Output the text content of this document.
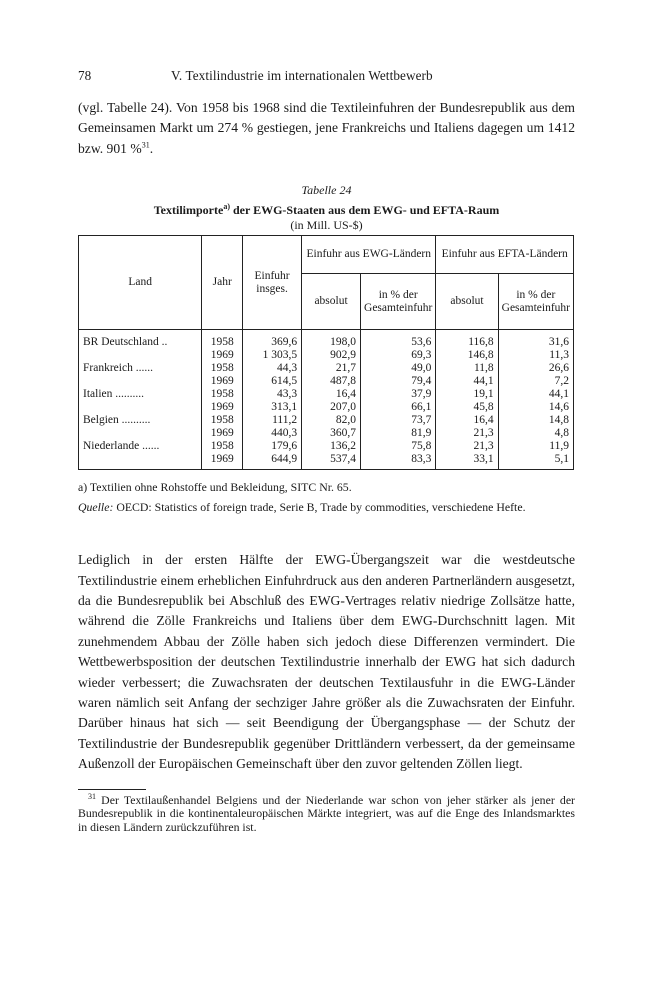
78	V. Textilindustrie im internationalen Wettbewerb

(vgl. Tabelle 24). Von 1958 bis 1968 sind die Textileinfuhren der Bundesrepublik aus dem Gemeinsamen Markt um 274 % gestiegen, jene Frankreichs und Italiens dagegen um 1412 bzw. 901 %$^{31}$.

Tabelle 24
Textilimporte$^{a)}$ der EWG-Staaten aus dem EWG- und EFTA-Raum
(in Mill. US-$)
Land	Jahr	Einfuhr insges.	Einfuhr aus EWG-Ländern		Einfuhr aus EFTA-Ländern	
			absolut	in % der Gesamteinfuhr	absolut	in % der Gesamteinfuhr
BR Deutschland ..	1958	369,6	198,0	53,6	116,8	31,6
	1969	1 303,5	902,9	69,3	146,8	11,3
Frankreich ......	1958	44,3	21,7	49,0	11,8	26,6
	1969	614,5	487,8	79,4	44,1	7,2
Italien ..........	1958	43,3	16,4	37,9	19,1	44,1
	1969	313,1	207,0	66,1	45,8	14,6
Belgien ..........	1958	111,2	82,0	73,7	16,4	14,8
	1969	440,3	360,7	81,9	21,3	4,8
Niederlande ......	1958	179,6	136,2	75,8	21,3	11,9
	1969	644,9	537,4	83,3	33,1	5,1
a) Textilien ohne Rohstoffe und Bekleidung, SITC Nr. 65.
Quelle: OECD: Statistics of foreign trade, Serie B, Trade by commodities, verschiedene Hefte.

Lediglich in der ersten Hälfte der EWG-Übergangszeit war die westdeutsche Textilindustrie einem erheblichen Einfuhrdruck aus den anderen Partnerländern ausgesetzt, da die Bundesrepublik bei Abschluß des EWG-Vertrages relativ niedrige Zollsätze hatte, während die Zölle Frankreichs und Italiens über dem EWG-Durchschnitt lagen. Mit zunehmendem Abbau der Zölle haben sich jedoch diese Differenzen vermindert. Die Wettbewerbsposition der deutschen Textilindustrie innerhalb der EWG hat sich dadurch wieder verbessert; die Zuwachsraten der deutschen Textilausfuhr in die EWG-Länder waren nämlich seit Anfang der sechziger Jahre größer als die Zuwachsraten der Einfuhr. Darüber hinaus hat sich — seit Beendigung der Übergangsphase — der Schutz der Textilindustrie der Bundesrepublik gegenüber Drittländern verbessert, da der gemeinsame Außenzoll der Europäischen Gemeinschaft über den zuvor geltenden Zöllen liegt.

$^{31}$ Der Textilaußenhandel Belgiens und der Niederlande war schon von jeher stärker als jener der Bundesrepublik in die kontinentaleuropäischen Märkte integriert, was auf die Enge des Inlandsmarktes in diesen Ländern zurückzuführen ist.
